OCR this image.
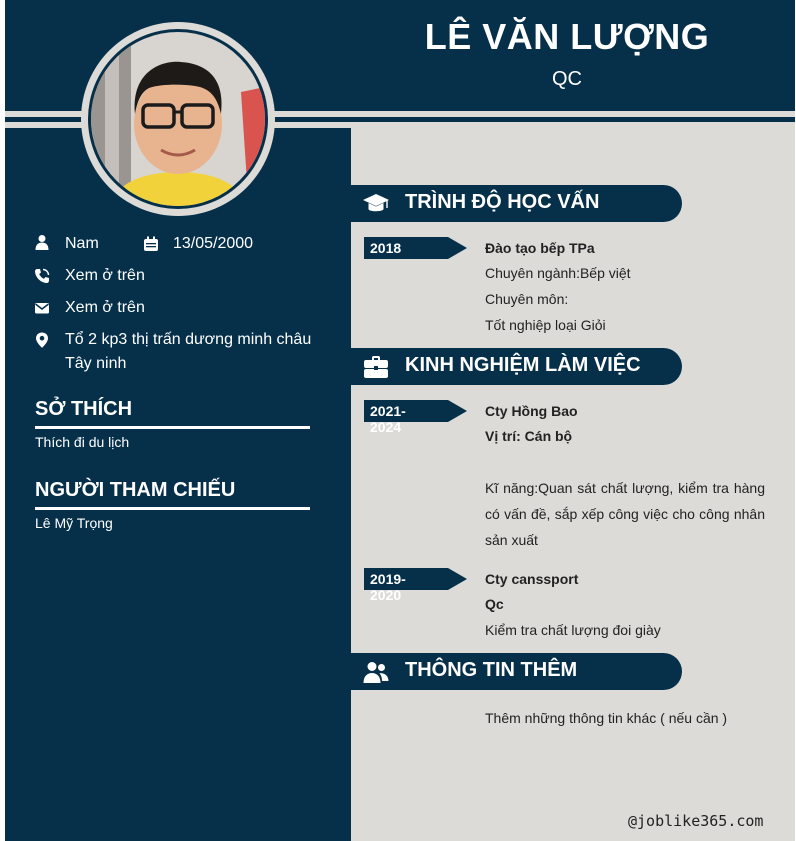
LÊ VĂN LƯỢNG
QC
Nam	13/05/2000
Xem ở trên
Xem ở trên
Tổ 2 kp3 thị trấn dương minh châu
Tây ninh
SỞ THÍCH
Thích đi du lịch
NGƯỜI THAM CHIẾU
Lê Mỹ Trọng
TRÌNH ĐỘ HỌC VẤN
2018	Đào tạo bếp TPa
Chuyên ngành:Bếp việt
Chuyên môn:
Tốt nghiệp loại Giỏi
KINH NGHIỆM LÀM VIỆC
2021-2024
Cty Hồng Bao
Vị trí: Cán bộ
Kĩ năng:Quan sát chất lượng, kiểm tra hàng có vấn đề, sắp xếp công việc cho công nhân sản xuất
2019-2020
Cty canssport
Qc
Kiểm tra chất lượng đoi giày
THÔNG TIN THÊM
Thêm những thông tin khác ( nếu cần )
@joblike365.com
